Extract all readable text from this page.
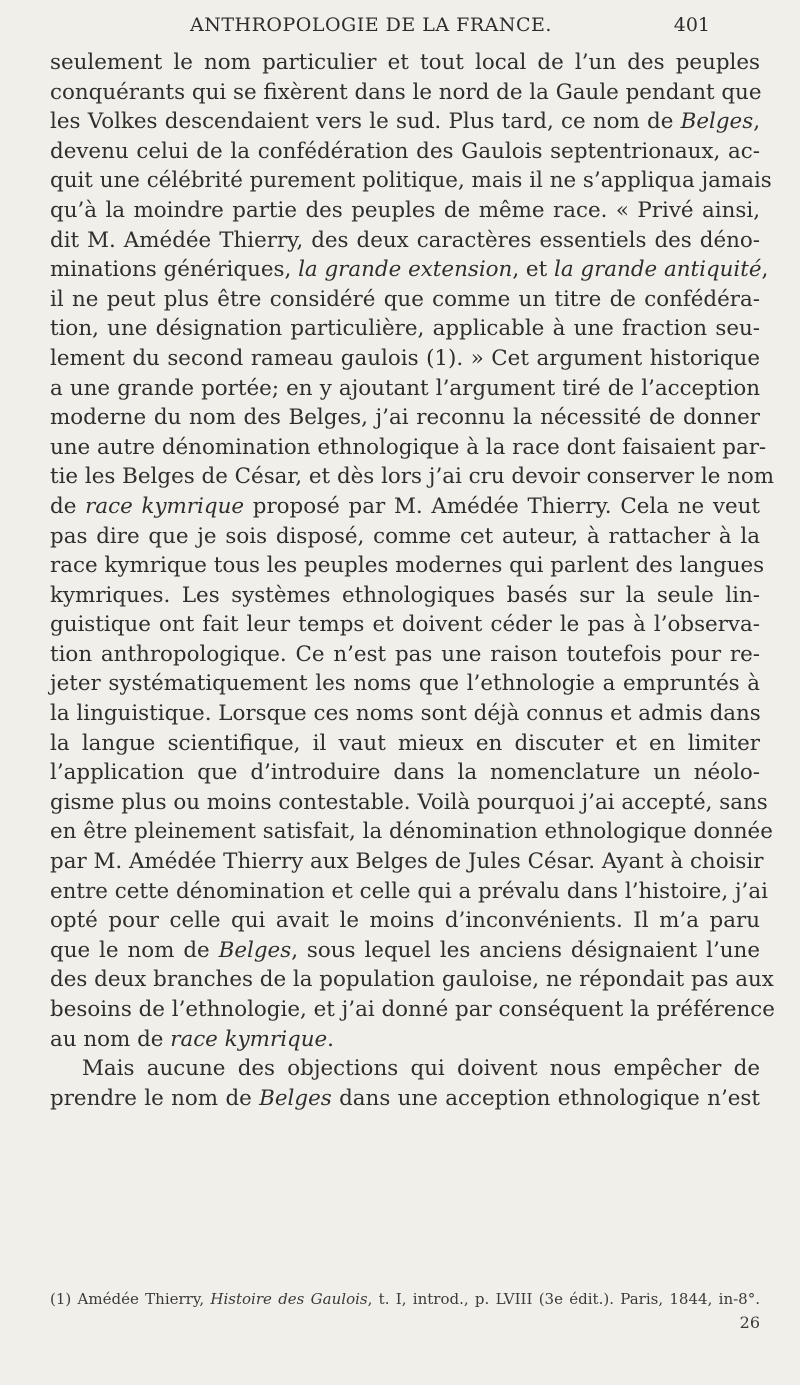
ANTHROPOLOGIE DE LA FRANCE.	401
seulement le nom particulier et tout local de l’un des peuples
conquérants qui se fixèrent dans le nord de la Gaule pendant que
les Volkes descendaient vers le sud. Plus tard, ce nom de Belges,
devenu celui de la confédération des Gaulois septentrionaux, ac-
quit une célébrité purement politique, mais il ne s’appliqua jamais
qu’à la moindre partie des peuples de même race. « Privé ainsi,
dit M. Amédée Thierry, des deux caractères essentiels des déno-
minations génériques, la grande extension, et la grande antiquité,
il ne peut plus être considéré que comme un titre de confédéra-
tion, une désignation particulière, applicable à une fraction seu-
lement du second rameau gaulois (1). » Cet argument historique
a une grande portée; en y ajoutant l’argument tiré de l’acception
moderne du nom des Belges, j’ai reconnu la nécessité de donner
une autre dénomination ethnologique à la race dont faisaient par-
tie les Belges de César, et dès lors j’ai cru devoir conserver le nom
de race kymrique proposé par M. Amédée Thierry. Cela ne veut
pas dire que je sois disposé, comme cet auteur, à rattacher à la
race kymrique tous les peuples modernes qui parlent des langues
kymriques. Les systèmes ethnologiques basés sur la seule lin-
guistique ont fait leur temps et doivent céder le pas à l’observa-
tion anthropologique. Ce n’est pas une raison toutefois pour re-
jeter systématiquement les noms que l’ethnologie a empruntés à
la linguistique. Lorsque ces noms sont déjà connus et admis dans
la langue scientifique, il vaut mieux en discuter et en limiter
l’application que d’introduire dans la nomenclature un néolo-
gisme plus ou moins contestable. Voilà pourquoi j’ai accepté, sans
en être pleinement satisfait, la dénomination ethnologique donnée
par M. Amédée Thierry aux Belges de Jules César. Ayant à choisir
entre cette dénomination et celle qui a prévalu dans l’histoire, j’ai
opté pour celle qui avait le moins d’inconvénients. Il m’a paru
que le nom de Belges, sous lequel les anciens désignaient l’une
des deux branches de la population gauloise, ne répondait pas aux
besoins de l’ethnologie, et j’ai donné par conséquent la préférence
au nom de race kymrique.
Mais aucune des objections qui doivent nous empêcher de
prendre le nom de Belges dans une acception ethnologique n’est
(1) Amédée Thierry, Histoire des Gaulois, t. I, introd., p. LVIII (3e édit.). Paris, 1844, in-8°.
26
